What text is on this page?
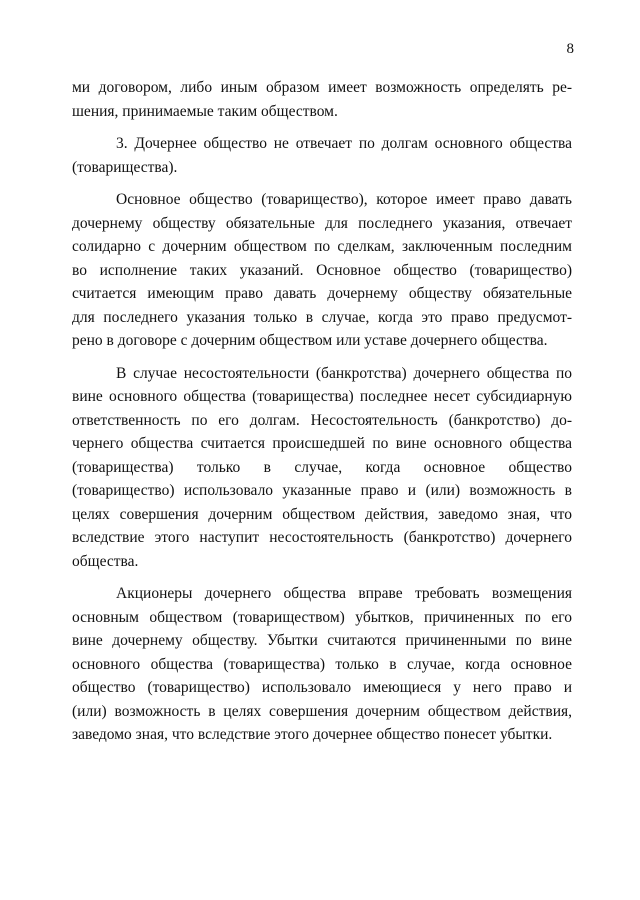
8
ми договором, либо иным образом имеет возможность определять ре-
шения, принимаемые таким обществом.
3. Дочернее общество не отвечает по долгам основного общества
(товарищества).
Основное общество (товарищество), которое имеет право давать
дочернему обществу обязательные для последнего указания, отвечает
солидарно с дочерним обществом по сделкам, заключенным последним
во исполнение таких указаний. Основное общество (товарищество)
считается имеющим право давать дочернему обществу обязательные
для последнего указания только в случае, когда это право предусмот-
рено в договоре с дочерним обществом или уставе дочернего общества.
В случае несостоятельности (банкротства) дочернего общества по
вине основного общества (товарищества) последнее несет субсидиарную
ответственность по его долгам. Несостоятельность (банкротство) до-
чернего общества считается происшедшей по вине основного общества
(товарищества) только в случае, когда основное общество
(товарищество) использовало указанные право и (или) возможность в
целях совершения дочерним обществом действия, заведомо зная, что
вследствие этого наступит несостоятельность (банкротство) дочернего
общества.
Акционеры дочернего общества вправе требовать возмещения
основным обществом (товариществом) убытков, причиненных по его
вине дочернему обществу. Убытки считаются причиненными по вине
основного общества (товарищества) только в случае, когда основное
общество (товарищество) использовало имеющиеся у него право и
(или) возможность в целях совершения дочерним обществом действия,
заведомо зная, что вследствие этого дочернее общество понесет убытки.
